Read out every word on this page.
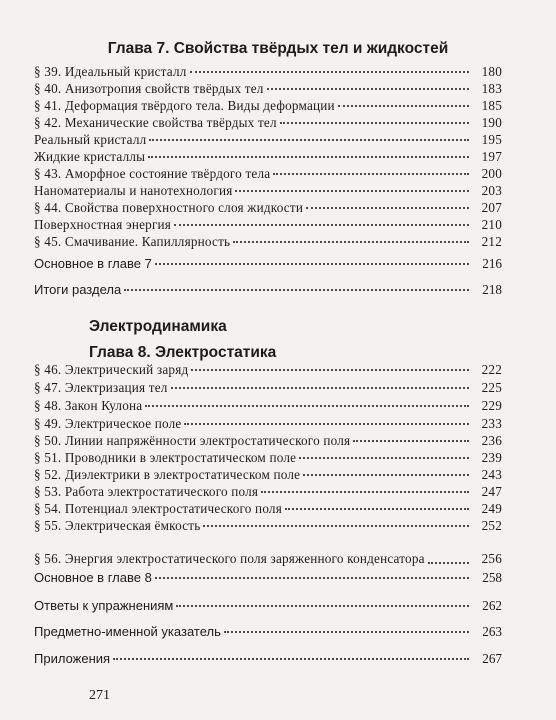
Глава 7. Свойства твёрдых тел и жидкостей
§ 39. Идеальный кристалл	180
§ 40. Анизотропия свойств твёрдых тел	183
§ 41. Деформация твёрдого тела. Виды деформации	185
§ 42. Механические свойства твёрдых тел	190
Реальный кристалл	195
Жидкие кристаллы	197
§ 43. Аморфное состояние твёрдого тела	200
Наноматериалы и нанотехнология	203
§ 44. Свойства поверхностного слоя жидкости	207
Поверхностная энергия	210
§ 45. Смачивание. Капиллярность	212
Основное в главе 7	216
Итоги раздела	218
Электродинамика
Глава 8. Электростатика
§ 46. Электрический заряд	222
§ 47. Электризация тел	225
§ 48. Закон Кулона	229
§ 49. Электрическое поле	233
§ 50. Линии напряжённости электростатического поля	236
§ 51. Проводники в электростатическом поле	239
§ 52. Диэлектрики в электростатическом поле	243
§ 53. Работа электростатического поля	247
§ 54. Потенциал электростатического поля	249
§ 55. Электрическая ёмкость	252
§ 56. Энергия электростатического поля заряженного конденсатора	256
Основное в главе 8	258
Ответы к упражнениям	262
Предметно-именной указатель	263
Приложения	267
271
